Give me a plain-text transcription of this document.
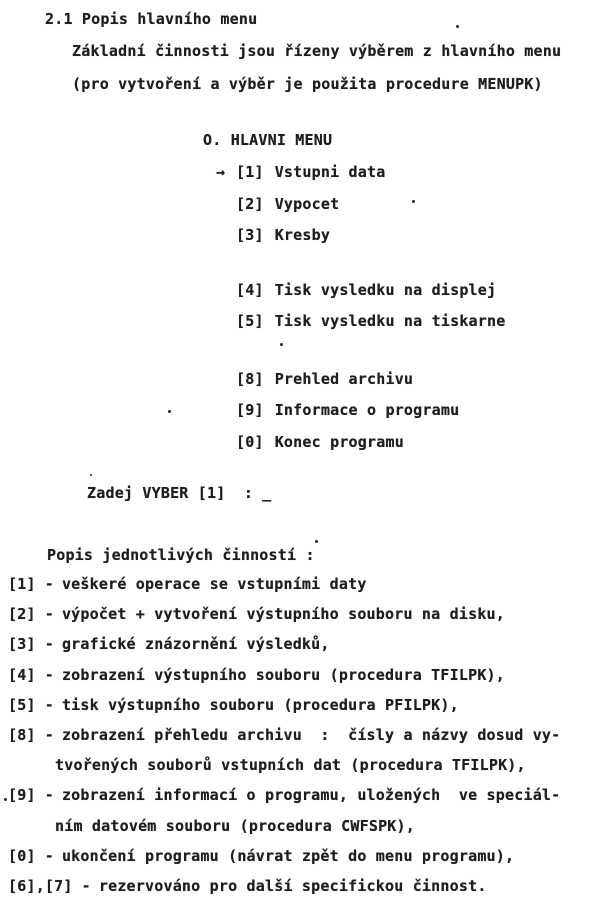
2.1 Popis hlavního menu
Základní činnosti jsou řízeny výběrem z hlavního menu
(pro vytvoření a výběr je použita procedure MENUPK)
O. HLAVNI MENU
→ [1] Vstupni data
[2] Vypocet
[3] Kresby
[4] Tisk vysledku na displej
[5] Tisk vysledku na tiskarne
[8] Prehled archivu
[9] Informace o programu
[0] Konec programu
Zadej VYBER [1]  : _
Popis jednotlivých činností :
[1] - veškeré operace se vstupními daty
[2] - výpočet + vytvoření výstupního souboru na disku,
[3] - grafické znázornění výsledků,
[4] - zobrazení výstupního souboru (procedura TFILPK),
[5] - tisk výstupního souboru (procedura PFILPK),
[8] - zobrazení přehledu archivu  :  čísly a názvy dosud vy-
tvořených souborů vstupních dat (procedura TFILPK),
[9] - zobrazení informací o programu, uložených  ve speciál-
ním datovém souboru (procedura CWFSPK),
[0] - ukončení programu (návrat zpět do menu programu),
[6],[7] - rezervováno pro další specifickou činnost.
